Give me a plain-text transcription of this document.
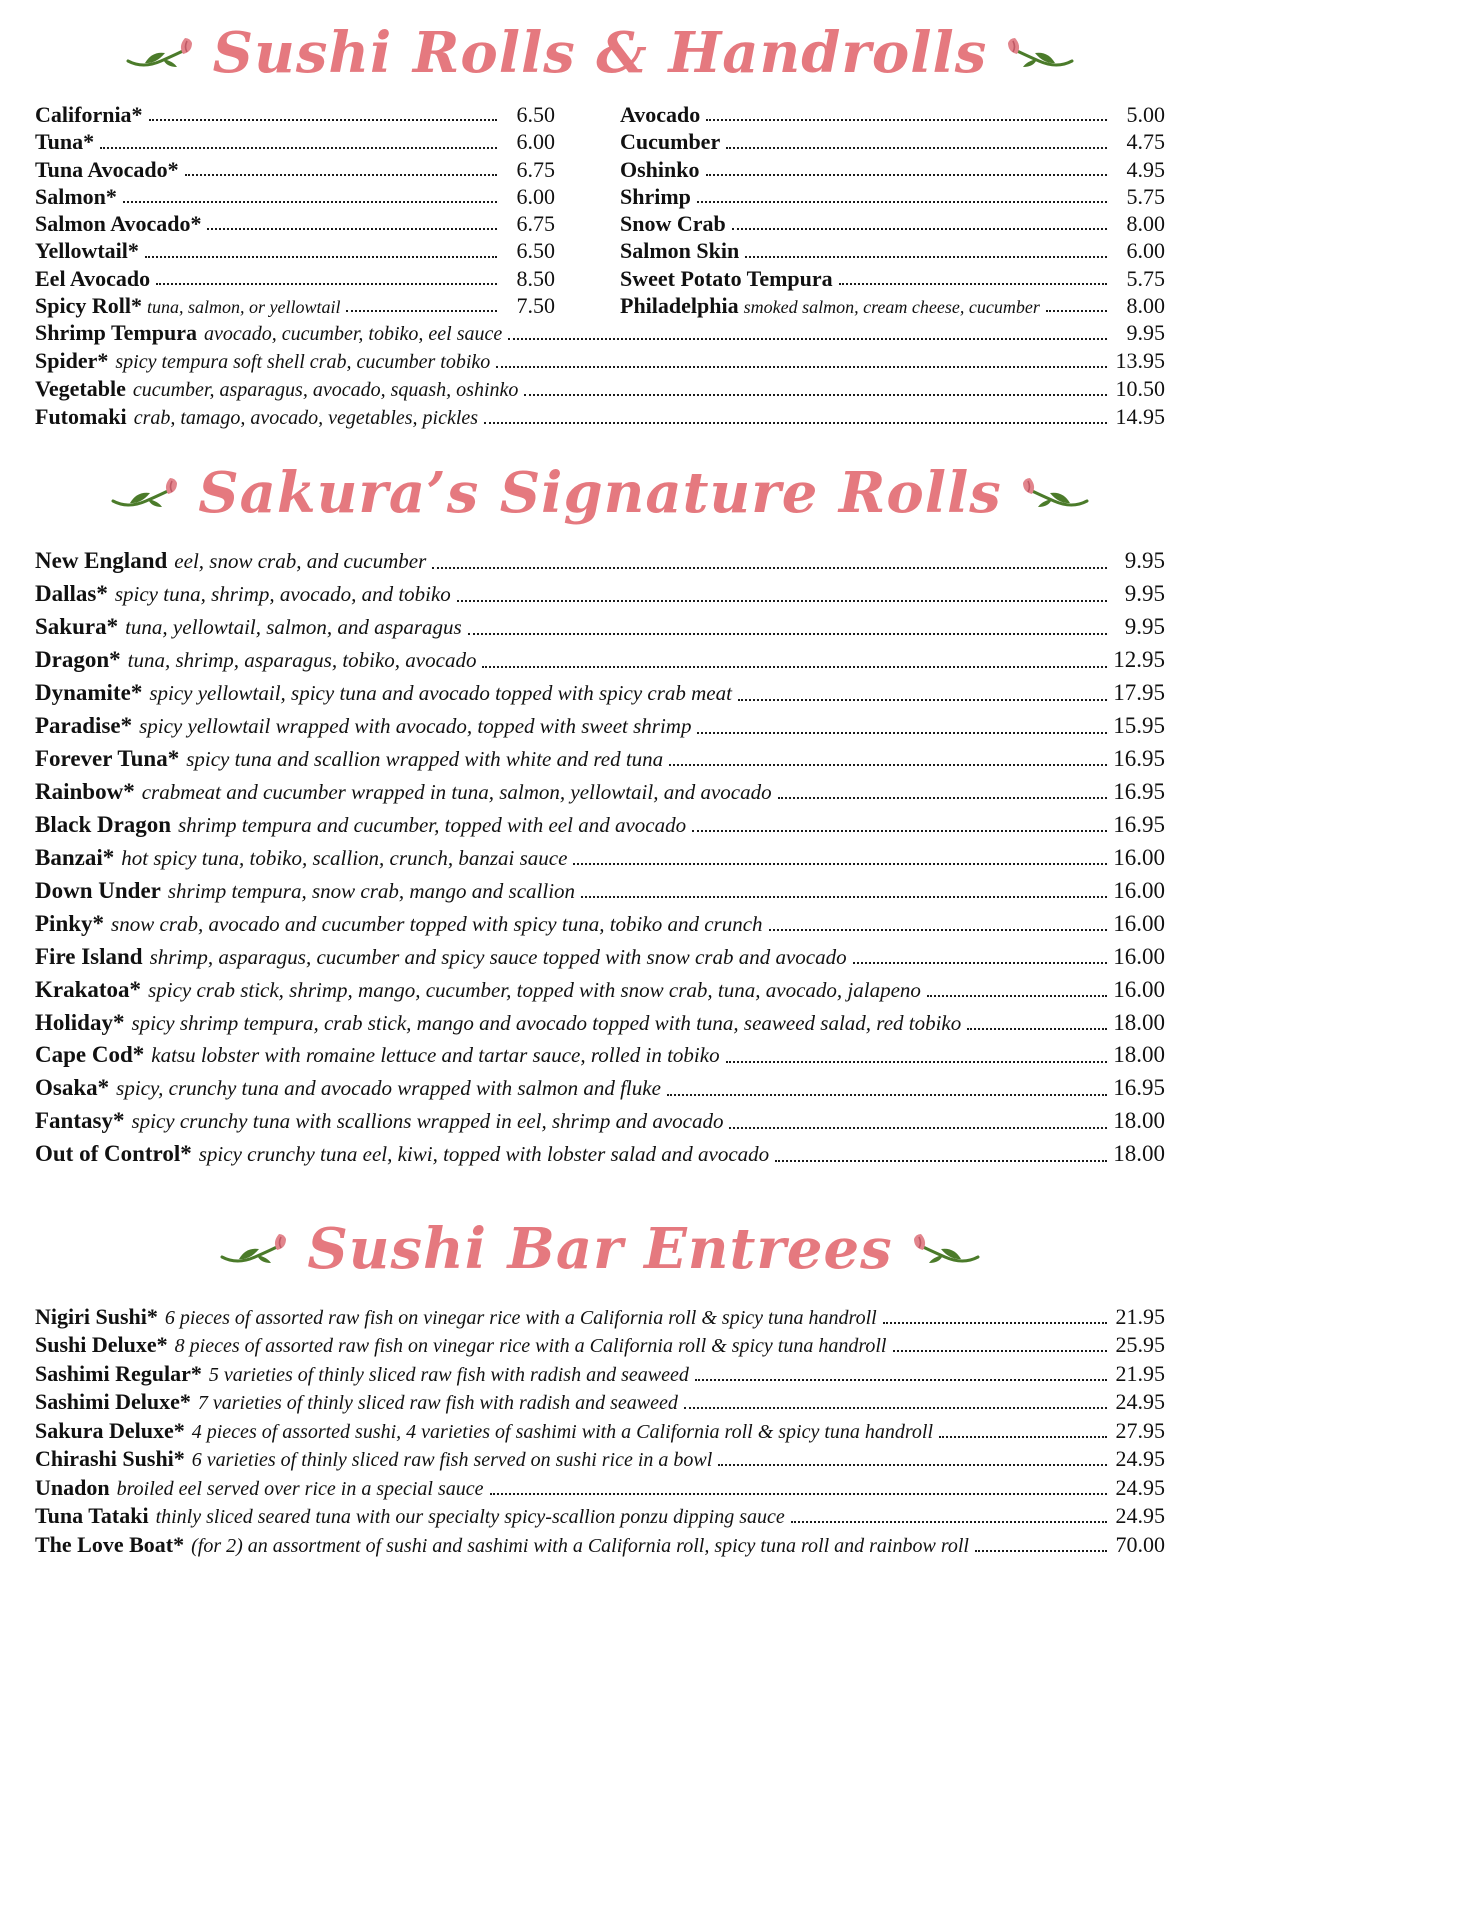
Sushi Rolls & Handrolls
California*	6.50
Tuna*	6.00
Tuna Avocado*	6.75
Salmon*	6.00
Salmon Avocado*	6.75
Yellowtail*	6.50
Eel Avocado	8.50
Spicy Roll* tuna, salmon, or yellowtail	7.50
Avocado	5.00
Cucumber	4.75
Oshinko	4.95
Shrimp	5.75
Snow Crab	8.00
Salmon Skin	6.00
Sweet Potato Tempura	5.75
Philadelphia smoked salmon, cream cheese, cucumber	8.00
Shrimp Tempura avocado, cucumber, tobiko, eel sauce	9.95
Spider* spicy tempura soft shell crab, cucumber tobiko	13.95
Vegetable cucumber, asparagus, avocado, squash, oshinko	10.50
Futomaki crab, tamago, avocado, vegetables, pickles	14.95
Sakura’s Signature Rolls
New England eel, snow crab, and cucumber	9.95
Dallas* spicy tuna, shrimp, avocado, and tobiko	9.95
Sakura* tuna, yellowtail, salmon, and asparagus	9.95
Dragon* tuna, shrimp, asparagus, tobiko, avocado	12.95
Dynamite* spicy yellowtail, spicy tuna and avocado topped with spicy crab meat	17.95
Paradise* spicy yellowtail wrapped with avocado, topped with sweet shrimp	15.95
Forever Tuna* spicy tuna and scallion wrapped with white and red tuna	16.95
Rainbow* crabmeat and cucumber wrapped in tuna, salmon, yellowtail, and avocado	16.95
Black Dragon shrimp tempura and cucumber, topped with eel and avocado	16.95
Banzai* hot spicy tuna, tobiko, scallion, crunch, banzai sauce	16.00
Down Under shrimp tempura, snow crab, mango and scallion	16.00
Pinky* snow crab, avocado and cucumber topped with spicy tuna, tobiko and crunch	16.00
Fire Island shrimp, asparagus, cucumber and spicy sauce topped with snow crab and avocado	16.00
Krakatoa* spicy crab stick, shrimp, mango, cucumber, topped with snow crab, tuna, avocado, jalapeno	16.00
Holiday* spicy shrimp tempura, crab stick, mango and avocado topped with tuna, seaweed salad, red tobiko	18.00
Cape Cod* katsu lobster with romaine lettuce and tartar sauce, rolled in tobiko	18.00
Osaka* spicy, crunchy tuna and avocado wrapped with salmon and fluke	16.95
Fantasy* spicy crunchy tuna with scallions wrapped in eel, shrimp and avocado	18.00
Out of Control* spicy crunchy tuna eel, kiwi, topped with lobster salad and avocado	18.00
Sushi Bar Entrees
Nigiri Sushi* 6 pieces of assorted raw fish on vinegar rice with a California roll & spicy tuna handroll	21.95
Sushi Deluxe* 8 pieces of assorted raw fish on vinegar rice with a California roll & spicy tuna handroll	25.95
Sashimi Regular* 5 varieties of thinly sliced raw fish with radish and seaweed	21.95
Sashimi Deluxe* 7 varieties of thinly sliced raw fish with radish and seaweed	24.95
Sakura Deluxe* 4 pieces of assorted sushi, 4 varieties of sashimi with a California roll & spicy tuna handroll	27.95
Chirashi Sushi* 6 varieties of thinly sliced raw fish served on sushi rice in a bowl	24.95
Unadon broiled eel served over rice in a special sauce	24.95
Tuna Tataki thinly sliced seared tuna with our specialty spicy-scallion ponzu dipping sauce	24.95
The Love Boat* (for 2) an assortment of sushi and sashimi with a California roll, spicy tuna roll and rainbow roll	70.00
